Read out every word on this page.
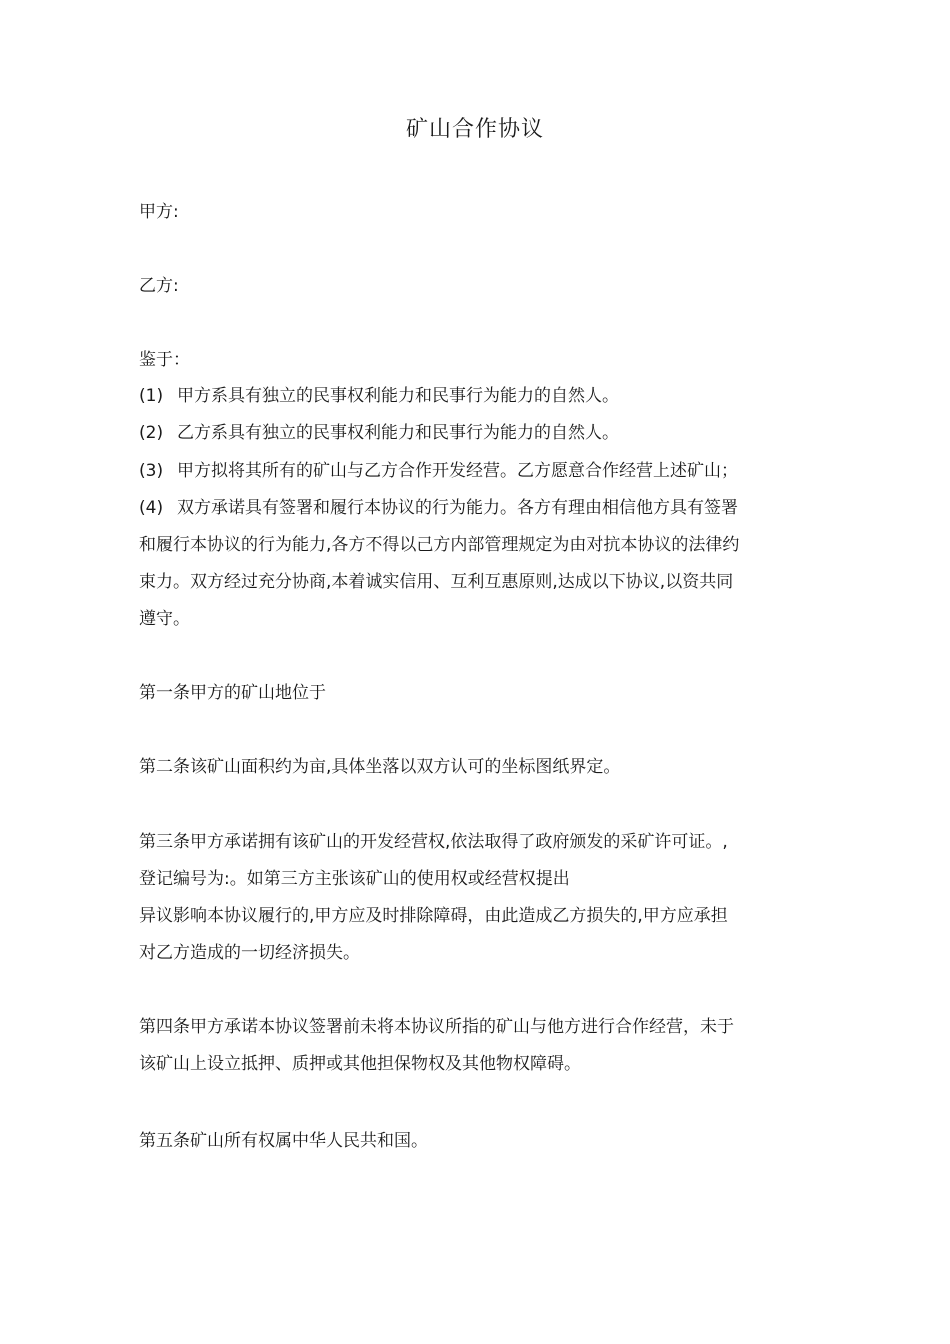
矿山合作协议
甲方:
乙方:
鉴于：
(1) 甲方系具有独立的民事权利能力和民事行为能力的自然人。
(2) 乙方系具有独立的民事权利能力和民事行为能力的自然人。
(3) 甲方拟将其所有的矿山与乙方合作开发经营。乙方愿意合作经营上述矿山；
(4) 双方承诺具有签署和履行本协议的行为能力。各方有理由相信他方具有签署
和履行本协议的行为能力,各方不得以己方内部管理规定为由对抗本协议的法律约
束力。双方经过充分协商,本着诚实信用、互利互惠原则,达成以下协议,以资共同
遵守。
第一条甲方的矿山地位于
第二条该矿山面积约为亩,具体坐落以双方认可的坐标图纸界定。
第三条甲方承诺拥有该矿山的开发经营权,依法取得了政府颁发的采矿许可证。,
登记编号为:。如第三方主张该矿山的使用权或经营权提出
异议影响本协议履行的,甲方应及时排除障碍，由此造成乙方损失的,甲方应承担
对乙方造成的一切经济损失。
第四条甲方承诺本协议签署前未将本协议所指的矿山与他方进行合作经营，未于
该矿山上设立抵押、质押或其他担保物权及其他物权障碍。
第五条矿山所有权属中华人民共和国。
